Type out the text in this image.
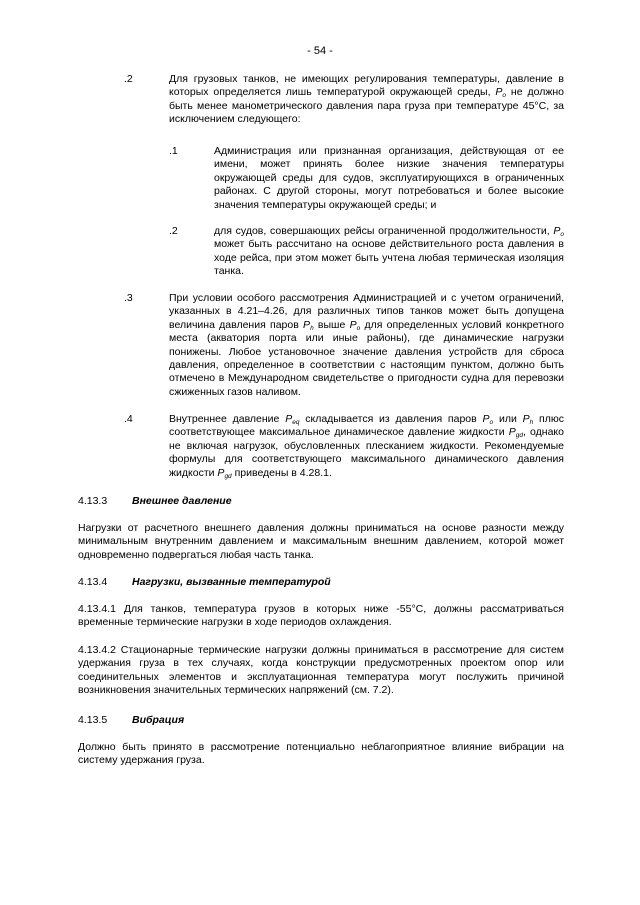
- 54 -
.2	Для грузовых танков, не имеющих регулирования температуры, давление в которых определяется лишь температурой окружающей среды, $P_o$ не должно быть менее манометрического давления пара груза при температуре 45°С, за исключением следующего:
.1	Администрация или признанная организация, действующая от ее имени, может принять более низкие значения температуры окружающей среды для судов, эксплуатирующихся в ограниченных районах. С другой стороны, могут потребоваться и более высокие значения температуры окружающей среды; и
.2	для судов, совершающих рейсы ограниченной продолжительности, $P_o$ может быть рассчитано на основе действительного роста давления в ходе рейса, при этом может быть учтена любая термическая изоляция танка.
.3	При условии особого рассмотрения Администрацией и с учетом ограничений, указанных в 4.21–4.26, для различных типов танков может быть допущена величина давления паров $P_h$ выше $P_o$ для определенных условий конкретного места (акватория порта или иные районы), где динамические нагрузки понижены. Любое установочное значение давления устройств для сброса давления, определенное в соответствии с настоящим пунктом, должно быть отмечено в Международном свидетельстве о пригодности судна для перевозки сжиженных газов наливом.
.4	Внутреннее давление $P_{eq}$ складывается из давления паров $P_o$ или $P_h$ плюс соответствующее максимальное динамическое давление жидкости $P_{gd}$, однако не включая нагрузок, обусловленных плесканием жидкости. Рекомендуемые формулы для соответствующего максимального динамического давления жидкости $P_{gd}$ приведены в 4.28.1.
4.13.3 Внешнее давление
Нагрузки от расчетного внешнего давления должны приниматься на основе разности между минимальным внутренним давлением и максимальным внешним давлением, которой может одновременно подвергаться любая часть танка.
4.13.4 Нагрузки, вызванные температурой
4.13.4.1 Для танков, температура грузов в которых ниже -55°С, должны рассматриваться временные термические нагрузки в ходе периодов охлаждения.
4.13.4.2 Стационарные термические нагрузки должны приниматься в рассмотрение для систем удержания груза в тех случаях, когда конструкции предусмотренных проектом опор или соединительных элементов и эксплуатационная температура могут послужить причиной возникновения значительных термических напряжений (см. 7.2).
4.13.5 Вибрация
Должно быть принято в рассмотрение потенциально неблагоприятное влияние вибрации на систему удержания груза.
